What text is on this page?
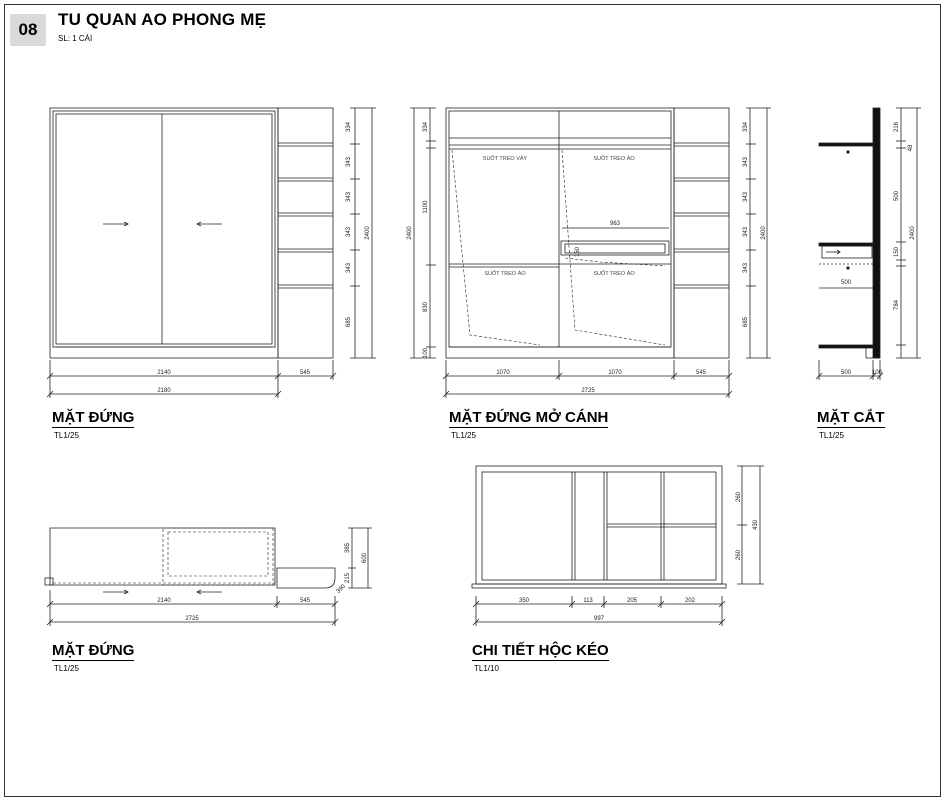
08
TU QUAN AO PHONG MẸ
SL: 1 CÁI
2140
2180
545	1070	1070	545
2725
963
500
500	100
2140	545
2725
350	113	205	202
997
SUỐT TREO VÁY	SUỐT TREO ÁO
SUỐT TREO ÁO	SUỐT TREO ÁO
334
343
343
343
343
685
2400
334
1100
830
100
2400
150
334
343
343
343
343
685
2400
216
48
500
150
784
2400
385
215
600
390
260
260
430
MẶT ĐỨNG
TL1/25
MẶT ĐỨNG MỞ CÁNH
TL1/25
MẶT CẮT
TL1/25
MẶT ĐỨNG
TL1/25
CHI TIẾT HỘC KÉO
TL1/10
